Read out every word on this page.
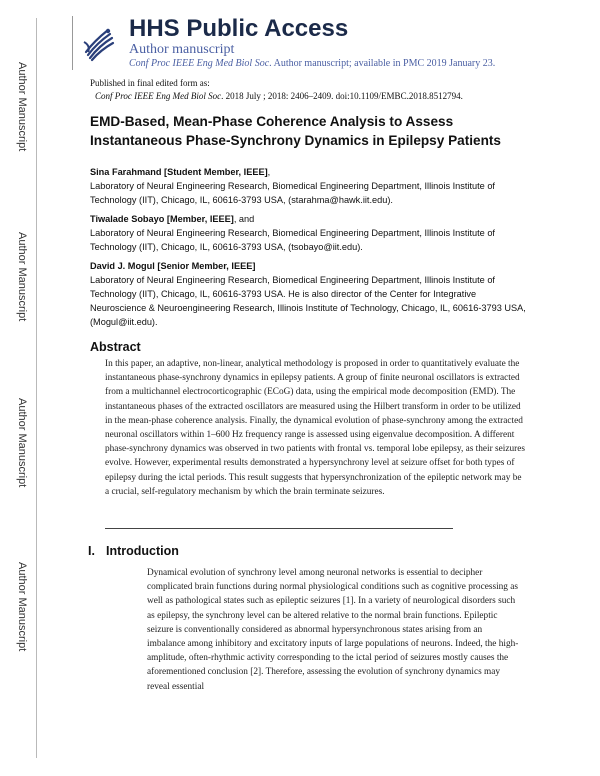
Author Manuscript
Author Manuscript
Author Manuscript
Author Manuscript
HHS Public Access
Author manuscript
Conf Proc IEEE Eng Med Biol Soc. Author manuscript; available in PMC 2019 January 23.
Published in final edited form as:
Conf Proc IEEE Eng Med Biol Soc. 2018 July ; 2018: 2406–2409. doi:10.1109/EMBC.2018.8512794.
EMD-Based, Mean-Phase Coherence Analysis to Assess Instantaneous Phase-Synchrony Dynamics in Epilepsy Patients
Sina Farahmand [Student Member, IEEE],
Laboratory of Neural Engineering Research, Biomedical Engineering Department, Illinois Institute of Technology (IIT), Chicago, IL, 60616-3793 USA, (starahma@hawk.iit.edu).
Tiwalade Sobayo [Member, IEEE], and
Laboratory of Neural Engineering Research, Biomedical Engineering Department, Illinois Institute of Technology (IIT), Chicago, IL, 60616-3793 USA, (tsobayo@iit.edu).
David J. Mogul [Senior Member, IEEE]
Laboratory of Neural Engineering Research, Biomedical Engineering Department, Illinois Institute of Technology (IIT), Chicago, IL, 60616-3793 USA. He is also director of the Center for Integrative Neuroscience & Neuroengineering Research, Illinois Institute of Technology, Chicago, IL, 60616-3793 USA, (Mogul@iit.edu).
Abstract

In this paper, an adaptive, non-linear, analytical methodology is proposed in order to quantitatively evaluate the instantaneous phase-synchrony dynamics in epilepsy patients. A group of finite neuronal oscillators is extracted from a multichannel electrocorticographic (ECoG) data, using the empirical mode decomposition (EMD). The instantaneous phases of the extracted oscillators are measured using the Hilbert transform in order to be utilized in the mean-phase coherence analysis. Finally, the dynamical evolution of phase-synchrony among the extracted neuronal oscillators within 1–600 Hz frequency range is assessed using eigenvalue decomposition. A different phase-synchrony dynamics was observed in two patients with frontal vs. temporal lobe epilepsy, as their seizures evolve. However, experimental results demonstrated a hypersynchrony level at seizure offset for both types of epilepsy during the ictal periods. This result suggests that hypersynchronization of the epileptic network may be a crucial, self-regulatory mechanism by which the brain terminate seizures.

I. Introduction

Dynamical evolution of synchrony level among neuronal networks is essential to decipher complicated brain functions during normal physiological conditions such as cognitive processing as well as pathological states such as epileptic seizures [1]. In a variety of neurological disorders such as epilepsy, the synchrony level can be altered relative to the normal brain functions. Epileptic seizure is conventionally considered as abnormal hypersynchronous states arising from an imbalance among inhibitory and excitatory inputs of large populations of neurons. Indeed, the high-amplitude, often-rhythmic activity corresponding to the ictal period of seizures mostly causes the aforementioned conclusion [2]. Therefore, assessing the evolution of synchrony dynamics may reveal essential
